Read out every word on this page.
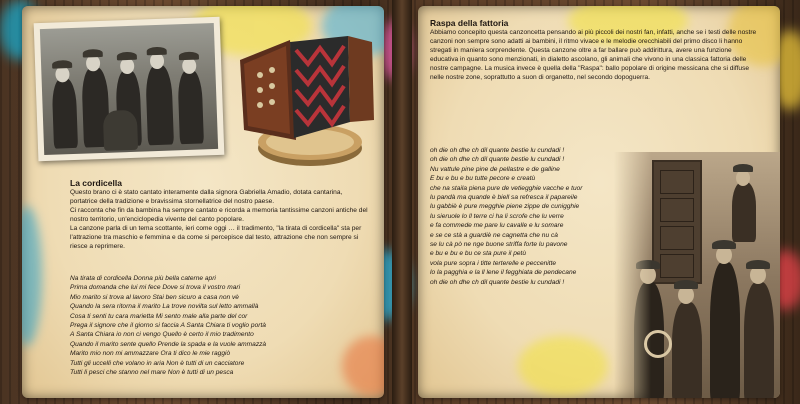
La cordicella

Questo brano ci è stato cantato interamente dalla signora Gabriella Amadio, dotata cantarina, portatrice della tradizione e bravissima stornellatrice del nostro paese.

Ci racconta che fin da bambina ha sempre cantato e ricorda a memoria tantissime canzoni antiche del nostro territorio, un'enciclopedia vivente del canto popolare.

La canzone parla di un tema scottante, ieri come oggi … il tradimento, "la tirata di cordicella" sta per l'attrazione tra maschio e femmina e da come si percepisce dal testo, attrazione che non sempre si riesce a reprimere.

Na tirata di cordicella Donna più bella caterne apri
Prima domanda che lui mi fece Dove si trova il vostro mari
Mio marito si trova al lavoro Stai ben sicuro a casa non vè
Quando la sera ritorna il marito La trove novilta sul letto ammallà
Cosa ti senti tu cara marietta Mi sento male alla parte del cor
Prega il signore che il giorno si faccia A Santa Chiara ti voglio portà
A Santa Chiara io non ci vengo Quello è certo il mio tradimento
Quando il marito sente quello Prende la spada e la vuole ammazzà
Marito mio non mi ammazzare Ora ti dico le mie raggiò
Tutti gli uccelli che volano in aria Non è tutti di un cacciatore
Tutti li pesci che stanno nel mare Non è tutti di un pesca
Raspa della fattoria

Abbiamo concepito questa canzoncetta pensando ai più piccoli dei nostri fan, infatti, anche se i testi delle nostre canzoni non sempre sono adatti ai bambini, il ritmo vivace e le melodie orecchiabili del primo disco li hanno stregati in maniera sorprendente. Questa canzone oltre a far ballare può addirittura, avere una funzione educativa in quanto sono menzionati, in dialetto ascolano, gli animali che vivono in una classica fattoria delle nostre campagne. La musica invece è quella della "Raspa": ballo popolare di origine messicana che si diffuse nelle nostre zone, soprattutto a suon di organetto, nel secondo dopoguerra.

oh die oh dhe ch dil quante bestie lu cundadi !
oh die oh dhe ch dil quante bestie lu cundadi !
Nu vattule pine pine de pellastre e de galline
E bu e bu e bu tutte pecore e creatù
che na staila piena pure de vetiegghie vacche e tuor
lu pandà ma quande è biell sa refresca il papareile
lu gabbiè è pure megghie piene zippe de cunigghie
lu sieruole lo ll terre ci ha li scrofe che lu verre
e fa commede me pare lu cavalle e lu somare
e se ce stà a guardiè ne cagnetta che nu cà
se lu cà pò ne nge buone striffa forte lu pavone
e bu e bu e bu ce sta pure il petù
vola pure sopra i titte terterelle e peccenitte
lo la pagghia e la ll lene il fegghiata de pendecane
oh die oh dhe ch dil quante bestie lu cundadi !
